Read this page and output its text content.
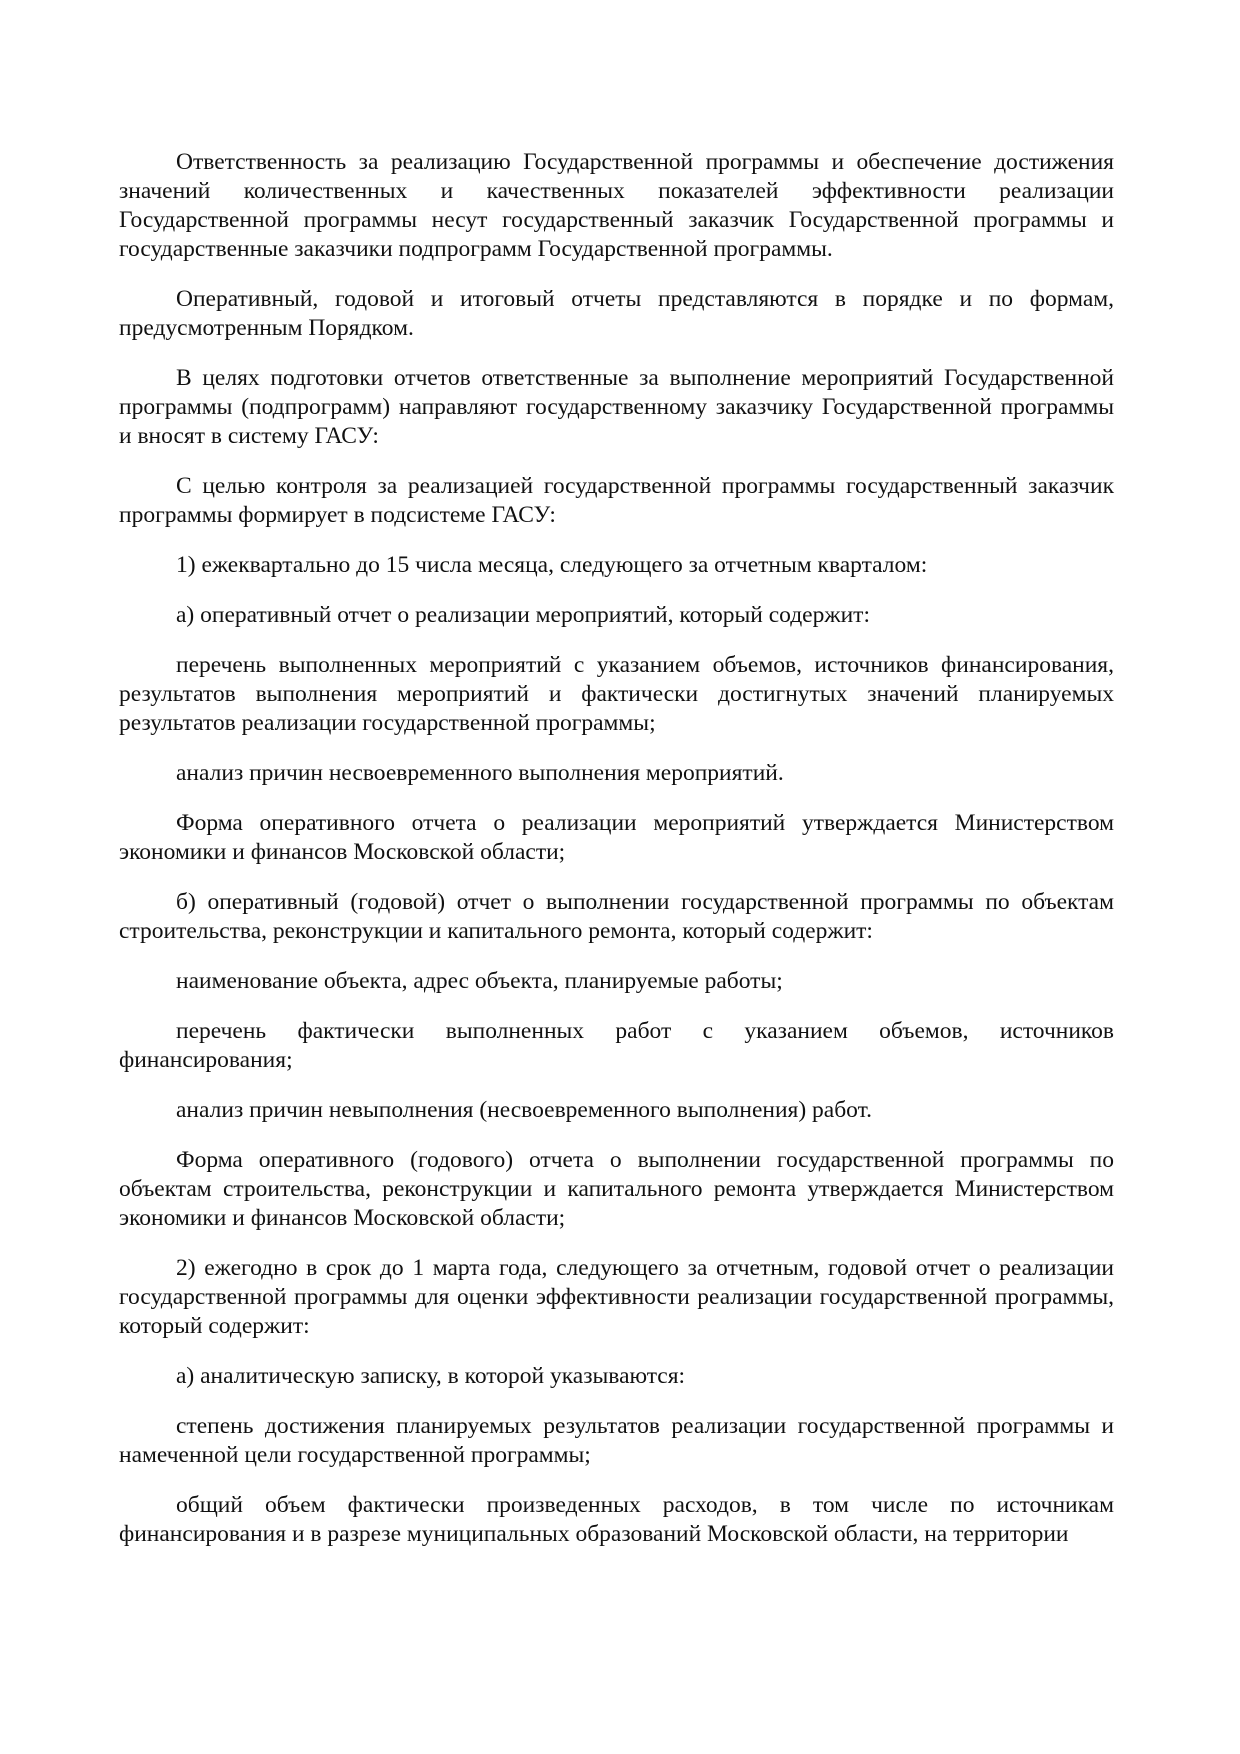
Ответственность за реализацию Государственной программы и обеспечение достижения значений количественных и качественных показателей эффективности реализации Государственной программы несут государственный заказчик Государственной программы и государственные заказчики подпрограмм Государственной программы.

Оперативный, годовой и итоговый отчеты представляются в порядке и по формам, предусмотренным Порядком.

В целях подготовки отчетов ответственные за выполнение мероприятий Государственной программы (подпрограмм) направляют государственному заказчику Государственной программы и вносят в систему ГАСУ:

С целью контроля за реализацией государственной программы государственный заказчик программы формирует в подсистеме ГАСУ:

1) ежеквартально до 15 числа месяца, следующего за отчетным кварталом:

а) оперативный отчет о реализации мероприятий, который содержит:

перечень выполненных мероприятий с указанием объемов, источников финансирования, результатов выполнения мероприятий и фактически достигнутых значений планируемых результатов реализации государственной программы;

анализ причин несвоевременного выполнения мероприятий.

Форма оперативного отчета о реализации мероприятий утверждается Министерством экономики и финансов Московской области;

б) оперативный (годовой) отчет о выполнении государственной программы по объектам строительства, реконструкции и капитального ремонта, который содержит:

наименование объекта, адрес объекта, планируемые работы;

перечень фактически выполненных работ с указанием объемов, источников финансирования;

анализ причин невыполнения (несвоевременного выполнения) работ.

Форма оперативного (годового) отчета о выполнении государственной программы по объектам строительства, реконструкции и капитального ремонта утверждается Министерством экономики и финансов Московской области;

2) ежегодно в срок до 1 марта года, следующего за отчетным, годовой отчет о реализации государственной программы для оценки эффективности реализации государственной программы, который содержит:

а) аналитическую записку, в которой указываются:

степень достижения планируемых результатов реализации государственной программы и намеченной цели государственной программы;

общий объем фактически произведенных расходов, в том числе по источникам финансирования и в разрезе муниципальных образований Московской области, на территории
